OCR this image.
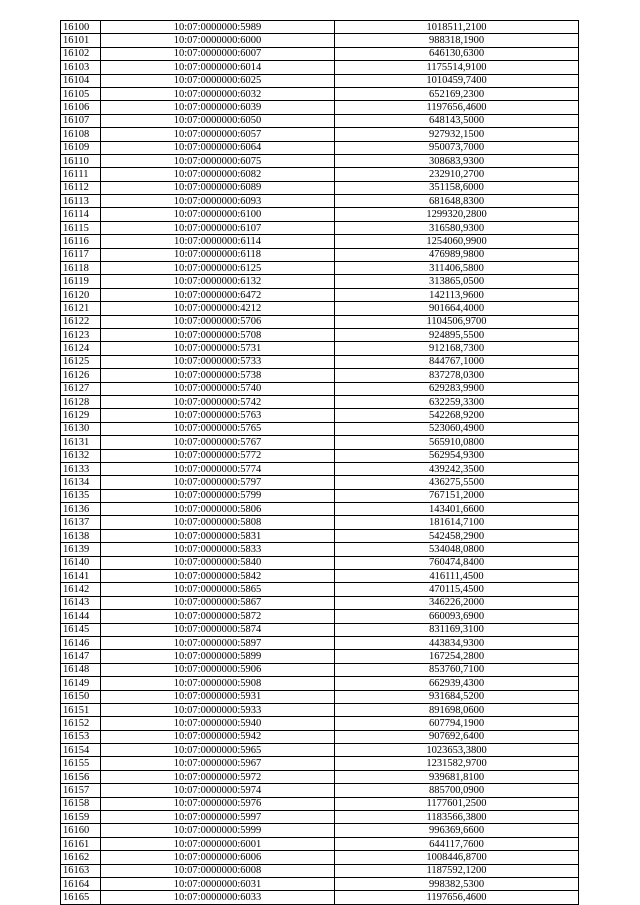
16100	10:07:0000000:5989	1018511,2100
16101	10:07:0000000:6000	988318,1900
16102	10:07:0000000:6007	646130,6300
16103	10:07:0000000:6014	1175514,9100
16104	10:07:0000000:6025	1010459,7400
16105	10:07:0000000:6032	652169,2300
16106	10:07:0000000:6039	1197656,4600
16107	10:07:0000000:6050	648143,5000
16108	10:07:0000000:6057	927932,1500
16109	10:07:0000000:6064	950073,7000
16110	10:07:0000000:6075	308683,9300
16111	10:07:0000000:6082	232910,2700
16112	10:07:0000000:6089	351158,6000
16113	10:07:0000000:6093	681648,8300
16114	10:07:0000000:6100	1299320,2800
16115	10:07:0000000:6107	316580,9300
16116	10:07:0000000:6114	1254060,9900
16117	10:07:0000000:6118	476989,9800
16118	10:07:0000000:6125	311406,5800
16119	10:07:0000000:6132	313865,0500
16120	10:07:0000000:6472	142113,9600
16121	10:07:0000000:4212	901664,4000
16122	10:07:0000000:5706	1104506,9700
16123	10:07:0000000:5708	924895,5500
16124	10:07:0000000:5731	912168,7300
16125	10:07:0000000:5733	844767,1000
16126	10:07:0000000:5738	837278,0300
16127	10:07:0000000:5740	629283,9900
16128	10:07:0000000:5742	632259,3300
16129	10:07:0000000:5763	542268,9200
16130	10:07:0000000:5765	523060,4900
16131	10:07:0000000:5767	565910,0800
16132	10:07:0000000:5772	562954,9300
16133	10:07:0000000:5774	439242,3500
16134	10:07:0000000:5797	436275,5500
16135	10:07:0000000:5799	767151,2000
16136	10:07:0000000:5806	143401,6600
16137	10:07:0000000:5808	181614,7100
16138	10:07:0000000:5831	542458,2900
16139	10:07:0000000:5833	534048,0800
16140	10:07:0000000:5840	760474,8400
16141	10:07:0000000:5842	416111,4500
16142	10:07:0000000:5865	470115,4500
16143	10:07:0000000:5867	346226,2000
16144	10:07:0000000:5872	660093,6900
16145	10:07:0000000:5874	831169,3100
16146	10:07:0000000:5897	443834,9300
16147	10:07:0000000:5899	167254,2800
16148	10:07:0000000:5906	853760,7100
16149	10:07:0000000:5908	662939,4300
16150	10:07:0000000:5931	931684,5200
16151	10:07:0000000:5933	891698,0600
16152	10:07:0000000:5940	607794,1900
16153	10:07:0000000:5942	907692,6400
16154	10:07:0000000:5965	1023653,3800
16155	10:07:0000000:5967	1231582,9700
16156	10:07:0000000:5972	939681,8100
16157	10:07:0000000:5974	885700,0900
16158	10:07:0000000:5976	1177601,2500
16159	10:07:0000000:5997	1183566,3800
16160	10:07:0000000:5999	996369,6600
16161	10:07:0000000:6001	644117,7600
16162	10:07:0000000:6006	1008446,8700
16163	10:07:0000000:6008	1187592,1200
16164	10:07:0000000:6031	998382,5300
16165	10:07:0000000:6033	1197656,4600
